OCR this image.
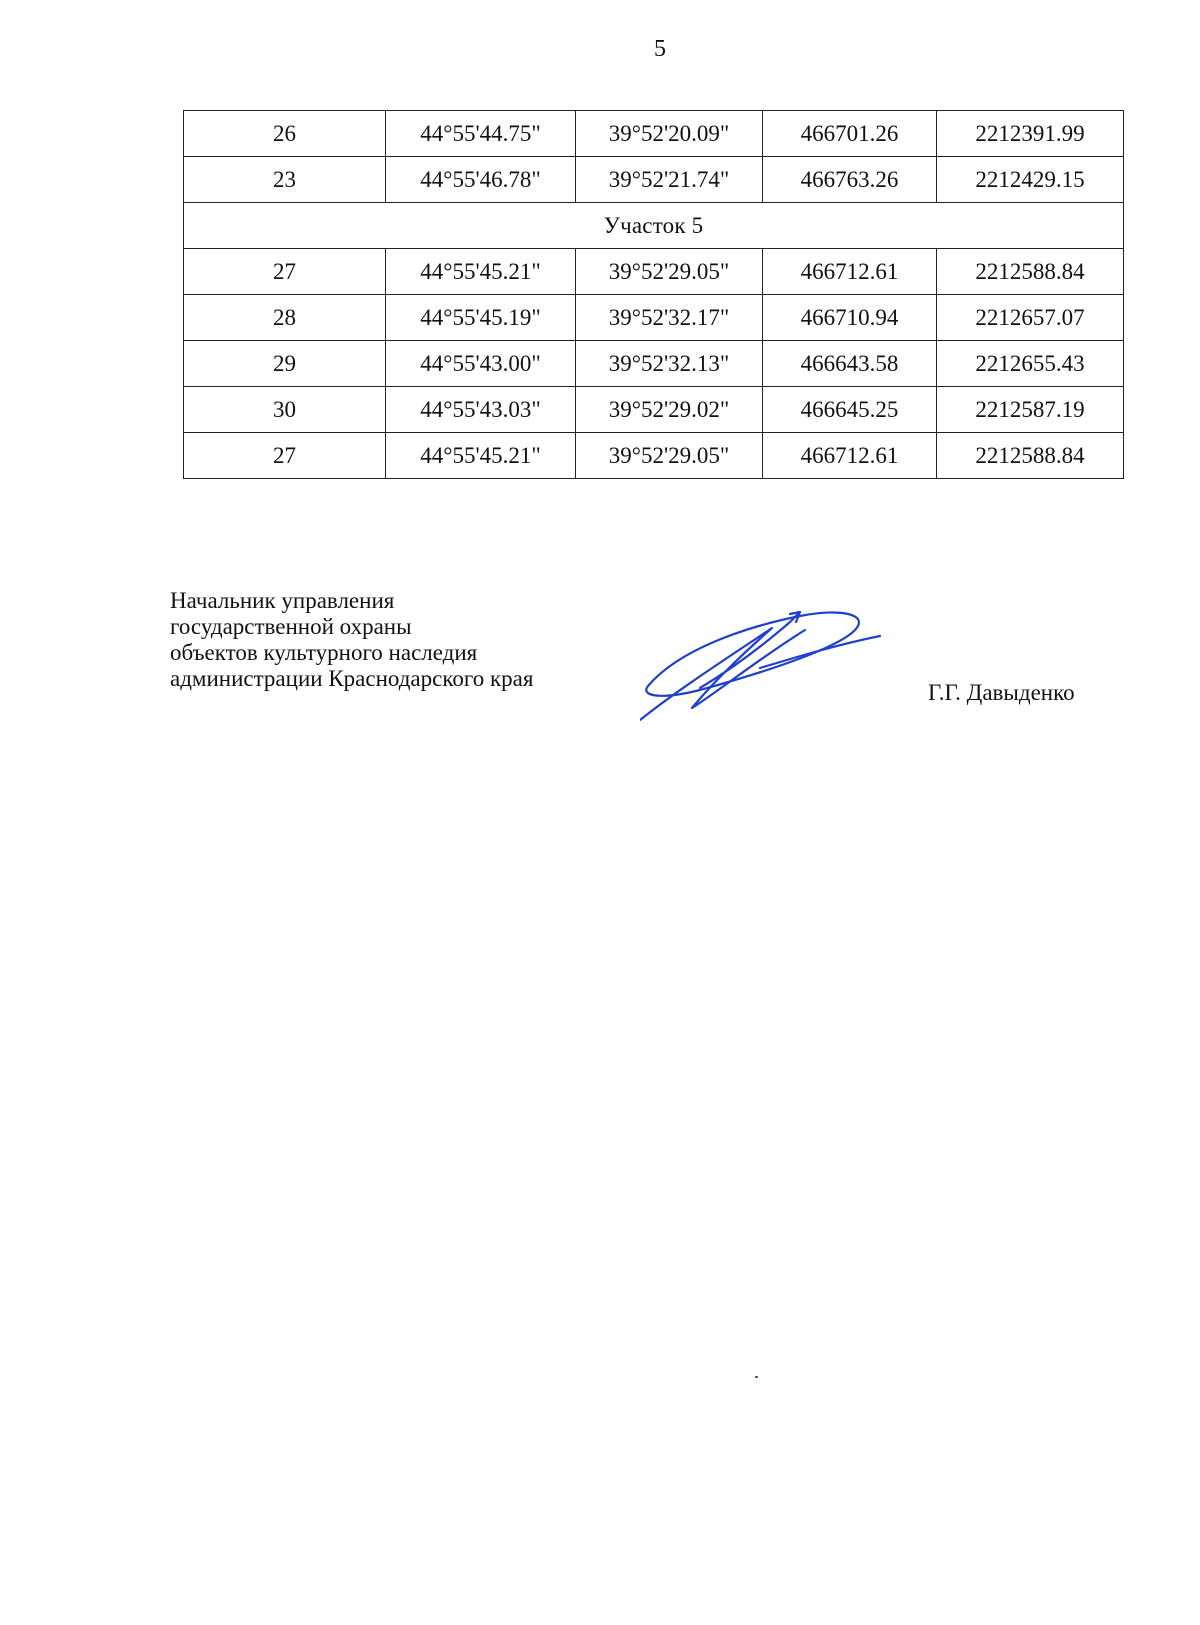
5
26	44°55'44.75"	39°52'20.09"	466701.26	2212391.99
23	44°55'46.78"	39°52'21.74"	466763.26	2212429.15
Участок 5				
27	44°55'45.21"	39°52'29.05"	466712.61	2212588.84
28	44°55'45.19"	39°52'32.17"	466710.94	2212657.07
29	44°55'43.00"	39°52'32.13"	466643.58	2212655.43
30	44°55'43.03"	39°52'29.02"	466645.25	2212587.19
27	44°55'45.21"	39°52'29.05"	466712.61	2212588.84
Начальник управления
государственной охраны
объектов культурного наследия
администрации Краснодарского края
Г.Г. Давыденко
